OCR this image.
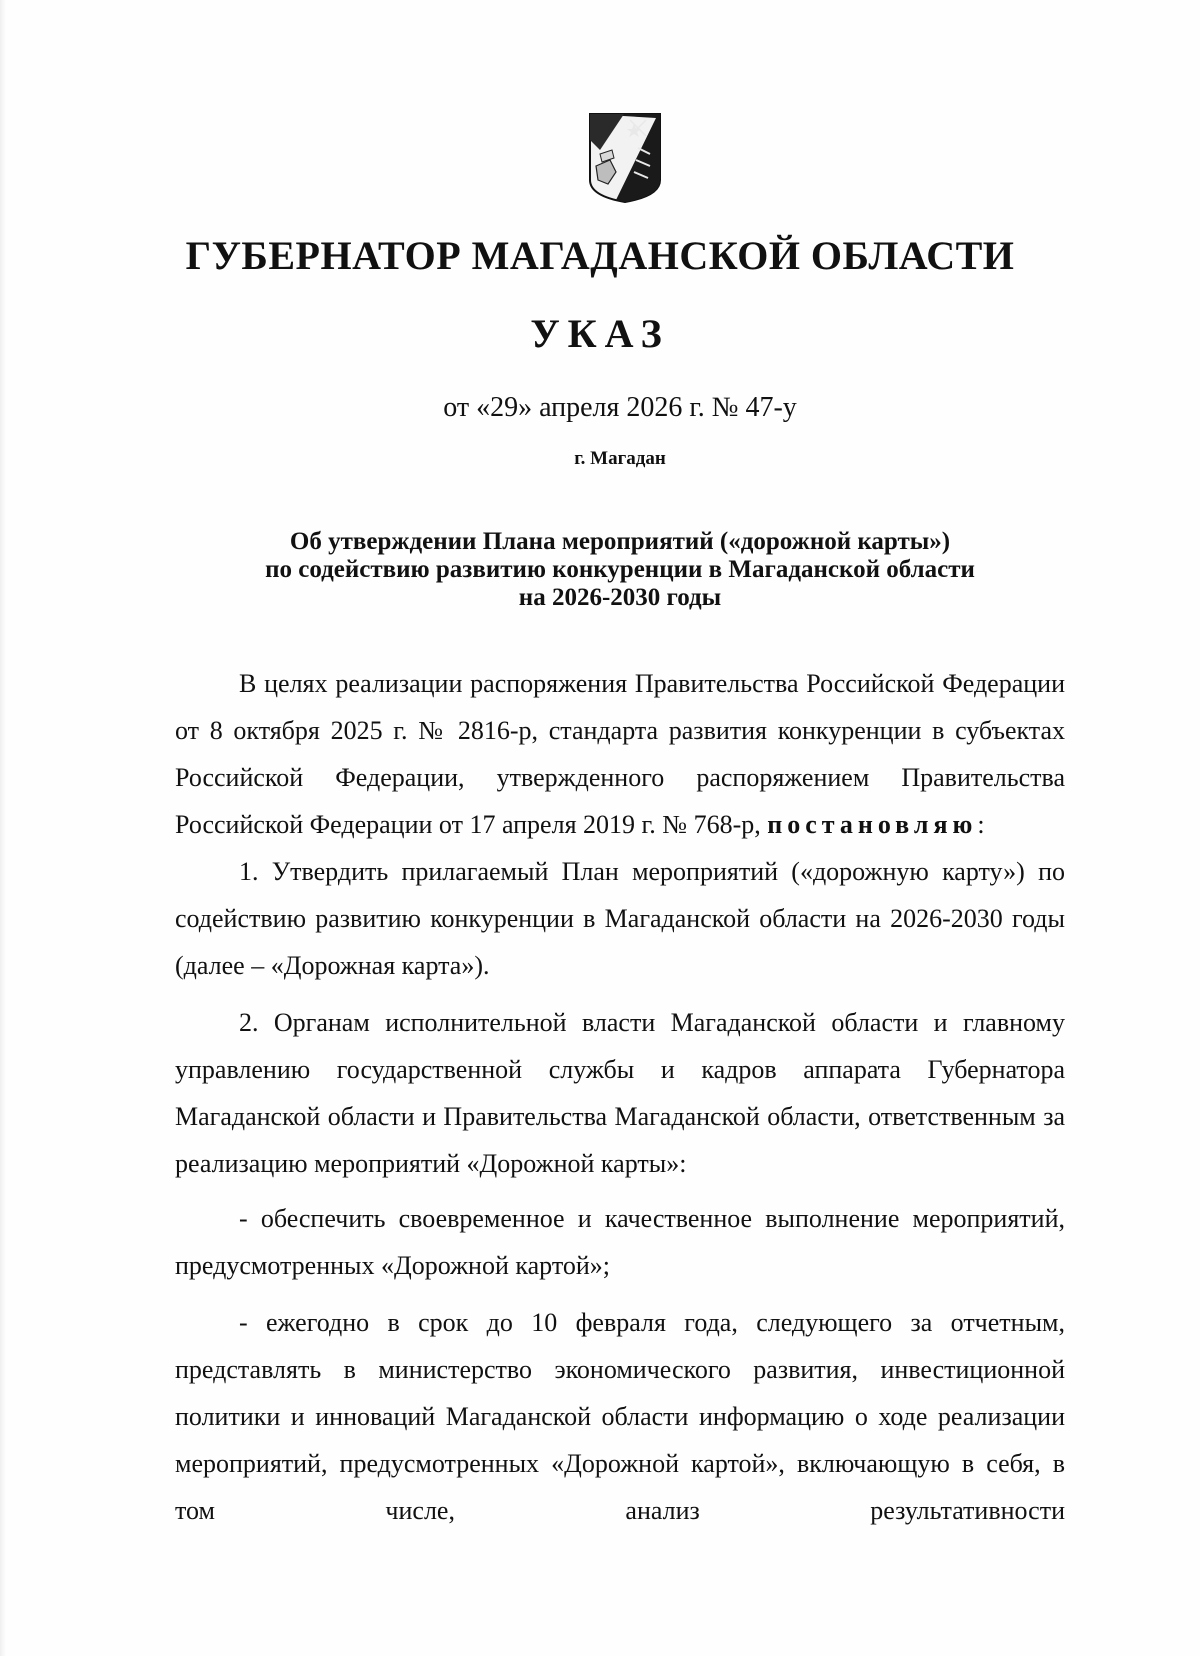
ГУБЕРНАТОР МАГАДАНСКОЙ ОБЛАСТИ
УКАЗ
от «29» апреля 2026 г. № 47-у
г. Магадан
Об утверждении Плана мероприятий («дорожной карты»)
по содействию развитию конкуренции в Магаданской области
на 2026-2030 годы

В целях реализации распоряжения Правительства Российской Федерации от 8 октября 2025 г. № 2816-р, стандарта развития конкуренции в субъектах Российской Федерации, утвержденного распоряжением Правительства Российской Федерации от 17 апреля 2019 г. № 768-р, постановляю:

1. Утвердить прилагаемый План мероприятий («дорожную карту») по содействию развитию конкуренции в Магаданской области на 2026-2030 годы (далее – «Дорожная карта»).

2. Органам исполнительной власти Магаданской области и главному управлению государственной службы и кадров аппарата Губернатора Магаданской области и Правительства Магаданской области, ответственным за реализацию мероприятий «Дорожной карты»:

- обеспечить своевременное и качественное выполнение мероприятий, предусмотренных «Дорожной картой»;

- ежегодно в срок до 10 февраля года, следующего за отчетным, представлять в министерство экономического развития, инвестиционной политики и инноваций Магаданской области информацию о ходе реализации мероприятий, предусмотренных «Дорожной картой», включающую в себя, в том числе, анализ результативности
